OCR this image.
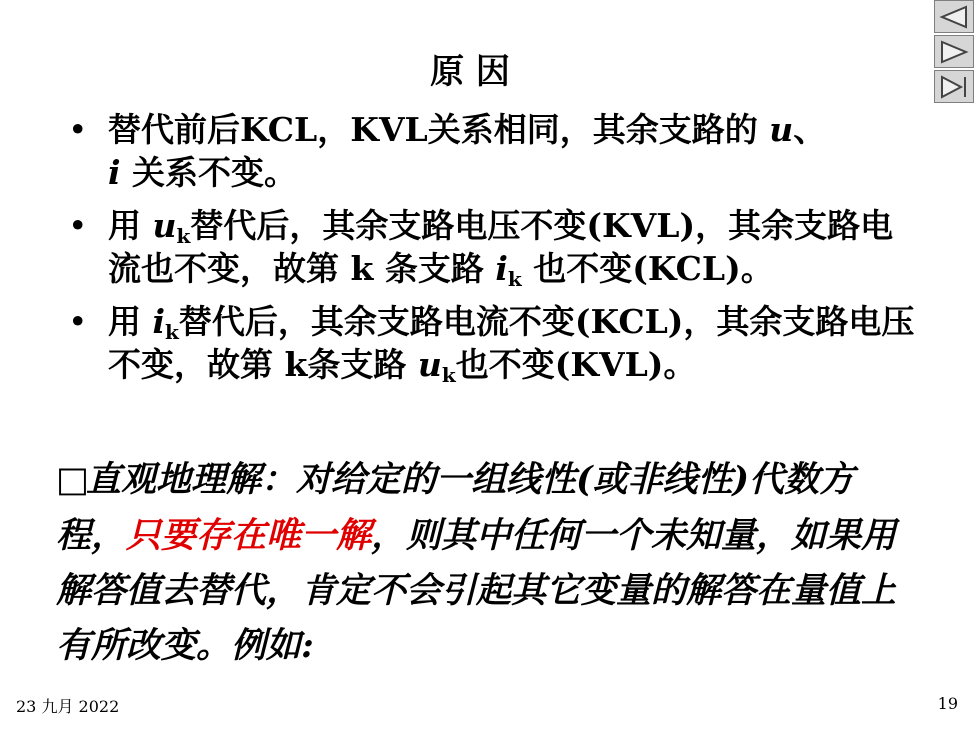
原 因
• 替代前后KCL，KVL关系相同，其余支路的 u、
i 关系不变。
• 用 $u_k$替代后，其余支路电压不变(KVL)，其余支路电流也不变，故第 k 条支路 $i_k$ 也不变(KCL)。
• 用 $i_k$替代后，其余支路电流不变(KCL)，其余支路电压不变，故第 k条支路 $u_k$也不变(KVL)。
□直观地理解：对给定的一组线性(或非线性)代数方程，只要存在唯一解，则其中任何一个未知量，如果用解答值去替代，肯定不会引起其它变量的解答在量值上有所改变。例如:
23 九月 2022	19
